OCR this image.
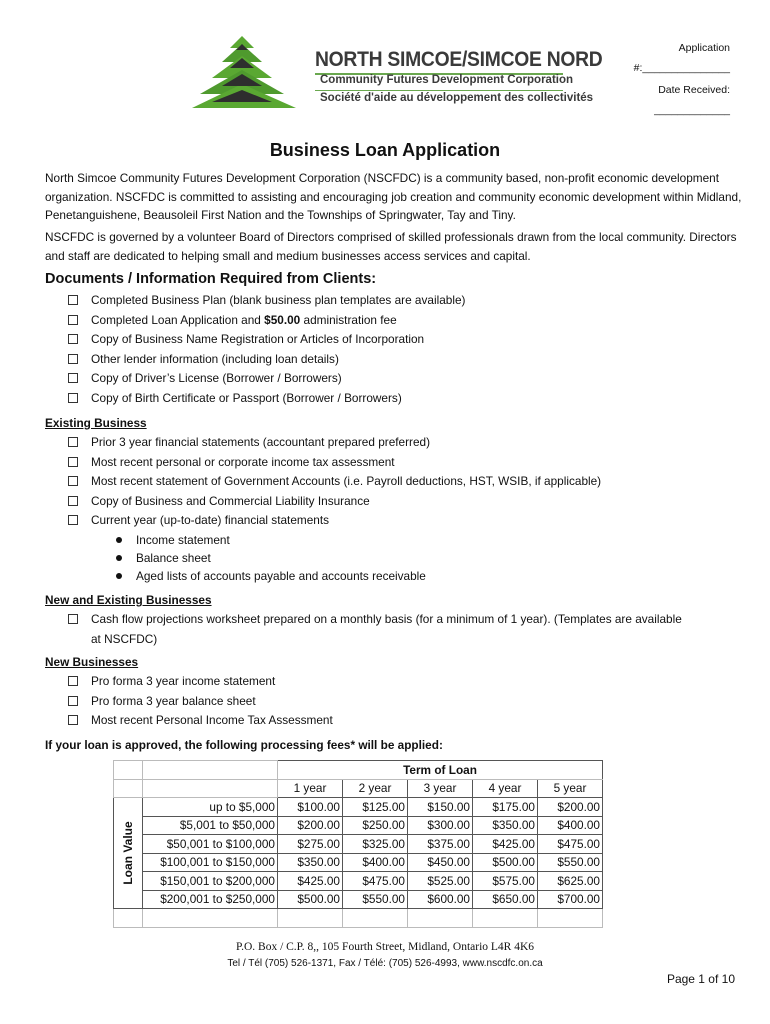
NORTH SIMCOE/SIMCOE NORD
Community Futures Development Corporation
Société d'aide au développement des collectivités
Application
#:_______________
Date Received:
_____________
Business Loan Application

North Simcoe Community Futures Development Corporation (NSCFDC) is a community based, non-profit economic development organization. NSCFDC is committed to assisting and encouraging job creation and community economic development within Midland, Penetanguishene, Beausoleil First Nation and the Townships of Springwater, Tay and Tiny.

NSCFDC is governed by a volunteer Board of Directors comprised of skilled professionals drawn from the local community. Directors and staff are dedicated to helping small and medium businesses access services and capital.

Documents / Information Required from Clients:
Completed Business Plan (blank business plan templates are available)
Completed Loan Application and $50.00 administration fee
Copy of Business Name Registration or Articles of Incorporation
Other lender information (including loan details)
Copy of Driver’s License (Borrower / Borrowers)
Copy of Birth Certificate or Passport (Borrower / Borrowers)

Existing Business

Prior 3 year financial statements (accountant prepared preferred)
Most recent personal or corporate income tax assessment
Most recent statement of Government Accounts (i.e. Payroll deductions, HST, WSIB, if applicable)
Copy of Business and Commercial Liability Insurance
Current year (up-to-date) financial statements
Income statement
Balance sheet
Aged lists of accounts payable and accounts receivable

New and Existing Businesses

Cash flow projections worksheet prepared on a monthly basis (for a minimum of 1 year). (Templates are available
at NSCFDC)

New Businesses

Pro forma 3 year income statement
Pro forma 3 year balance sheet
Most recent Personal Income Tax Assessment

If your loan is approved, the following processing fees* will be applied:

		Term of Loan				
		1 year	2 year	3 year	4 year	5 year

Loan Value	up to $5,000	$100.00	$125.00	$150.00	$175.00	$200.00
	$5,001 to $50,000	$200.00	$250.00	$300.00	$350.00	$400.00
	$50,001 to $100,000	$275.00	$325.00	$375.00	$425.00	$475.00
	$100,001 to $150,000	$350.00	$400.00	$450.00	$500.00	$550.00
	$150,001 to $200,000	$425.00	$475.00	$525.00	$575.00	$625.00
	$200,001 to $250,000	$500.00	$550.00	$600.00	$650.00	$700.00

P.O. Box / C.P. 8,, 105 Fourth Street, Midland, Ontario L4R 4K6
Tel / Tél (705) 526-1371, Fax / Télé: (705) 526-4993, www.nscdfc.on.ca
Page 1 of 10
